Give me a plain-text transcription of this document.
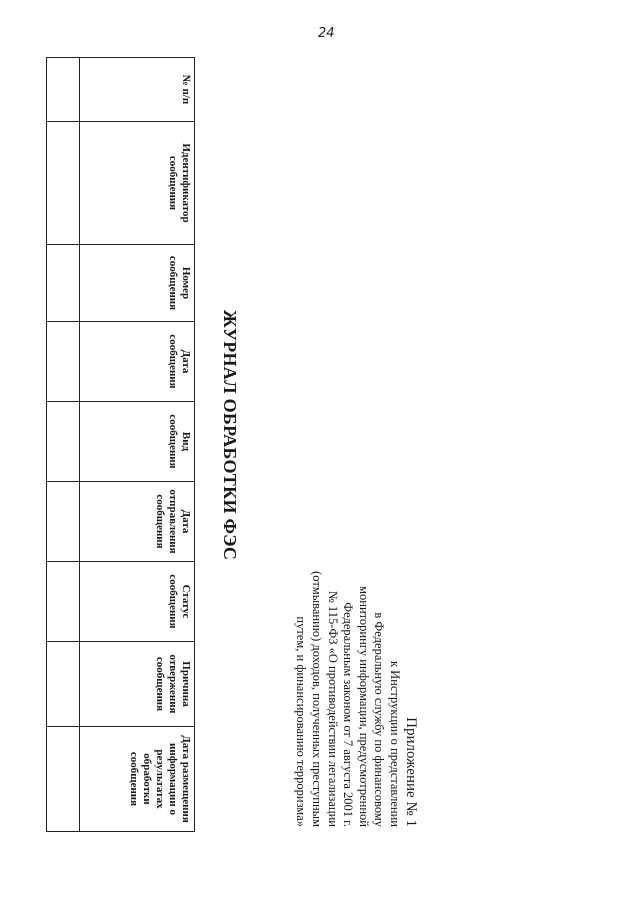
24
Приложение № 1
к Инструкции о представлении
в Федеральную службу по финансовому
мониторингу информации, предусмотренной
Федеральным законом от 7 августа 2001 г.
№ 115-ФЗ «О противодействии легализации
(отмыванию) доходов, полученных преступным
путем, и финансированию терроризма»
ЖУРНАЛ ОБРАБОТКИ ФЭС
№ п/п	Идентификатор сообщения	Номер сообщения	Дата сообщения	Вид сообщения	Дата отправления сообщения	Статус сообщения	Причина отвержения сообщения	Дата размещения информации о результатах обработки сообщения
